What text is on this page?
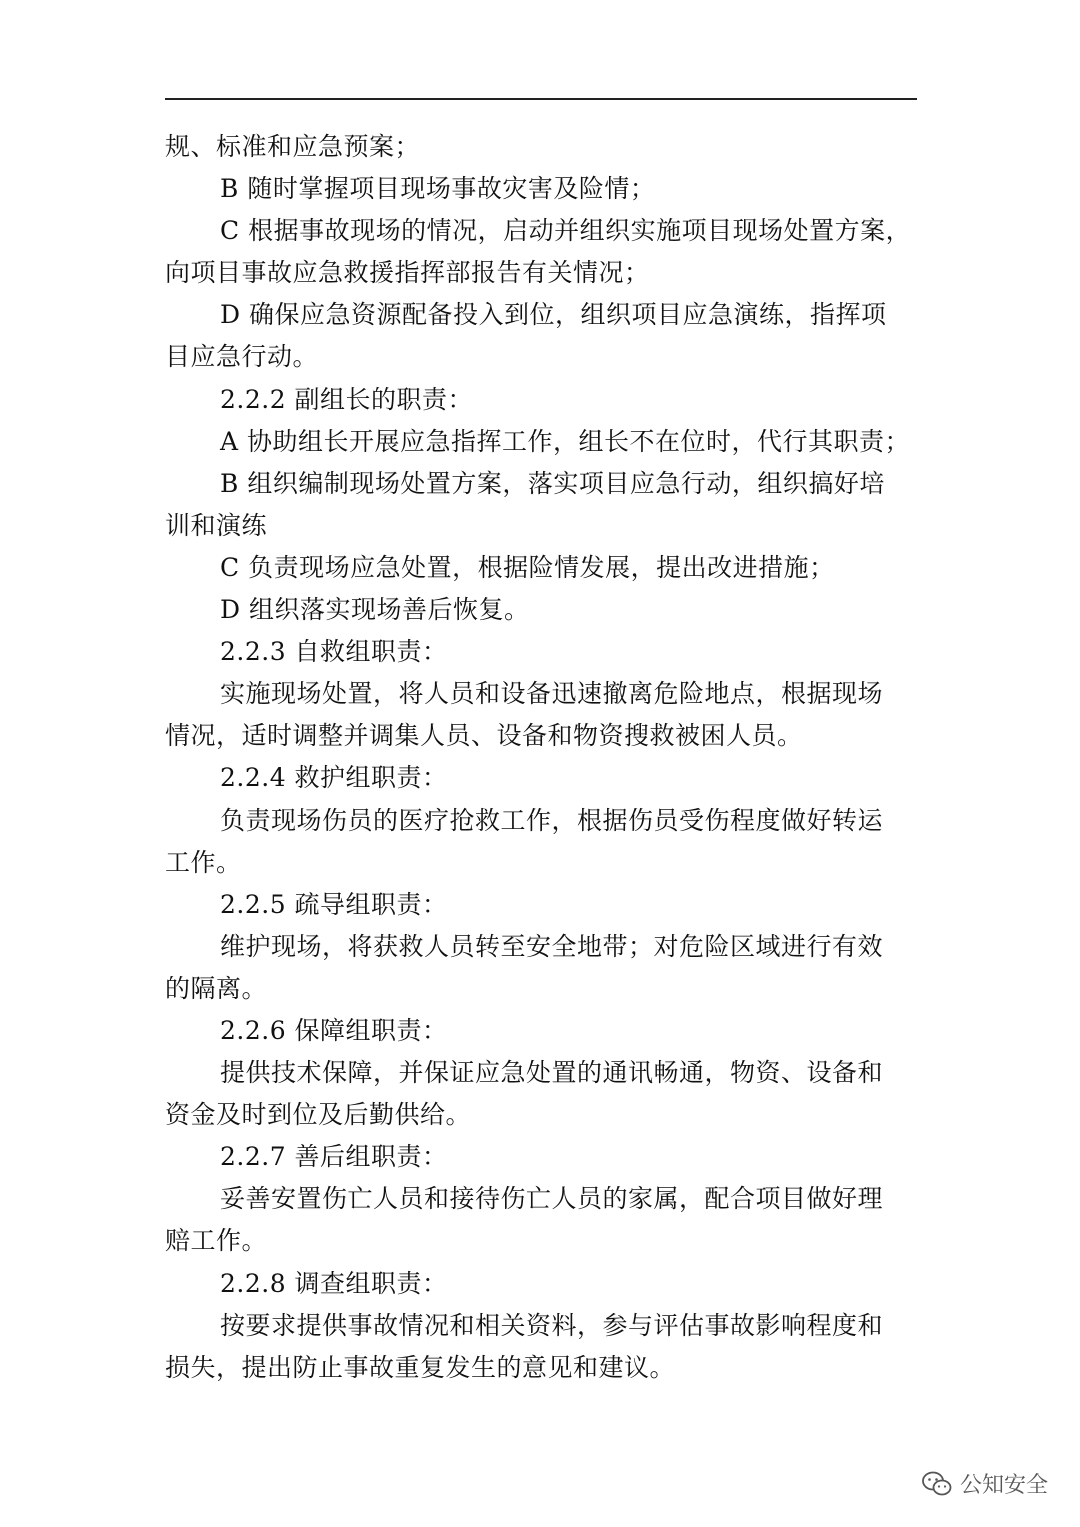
规、标准和应急预案；
B 随时掌握项目现场事故灾害及险情；
C 根据事故现场的情况，启动并组织实施项目现场处置方案，
向项目事故应急救援指挥部报告有关情况；
D 确保应急资源配备投入到位，组织项目应急演练，指挥项
目应急行动。
2.2.2 副组长的职责：
A 协助组长开展应急指挥工作，组长不在位时，代行其职责；
B 组织编制现场处置方案，落实项目应急行动，组织搞好培
训和演练
C 负责现场应急处置，根据险情发展，提出改进措施；
D 组织落实现场善后恢复。
2.2.3 自救组职责：
实施现场处置，将人员和设备迅速撤离危险地点，根据现场
情况，适时调整并调集人员、设备和物资搜救被困人员。
2.2.4 救护组职责：
负责现场伤员的医疗抢救工作，根据伤员受伤程度做好转运
工作。
2.2.5 疏导组职责：
维护现场，将获救人员转至安全地带；对危险区域进行有效
的隔离。
2.2.6 保障组职责：
提供技术保障，并保证应急处置的通讯畅通，物资、设备和
资金及时到位及后勤供给。
2.2.7 善后组职责：
妥善安置伤亡人员和接待伤亡人员的家属，配合项目做好理
赔工作。
2.2.8 调查组职责：
按要求提供事故情况和相关资料，参与评估事故影响程度和
损失，提出防止事故重复发生的意见和建议。
公知安全
